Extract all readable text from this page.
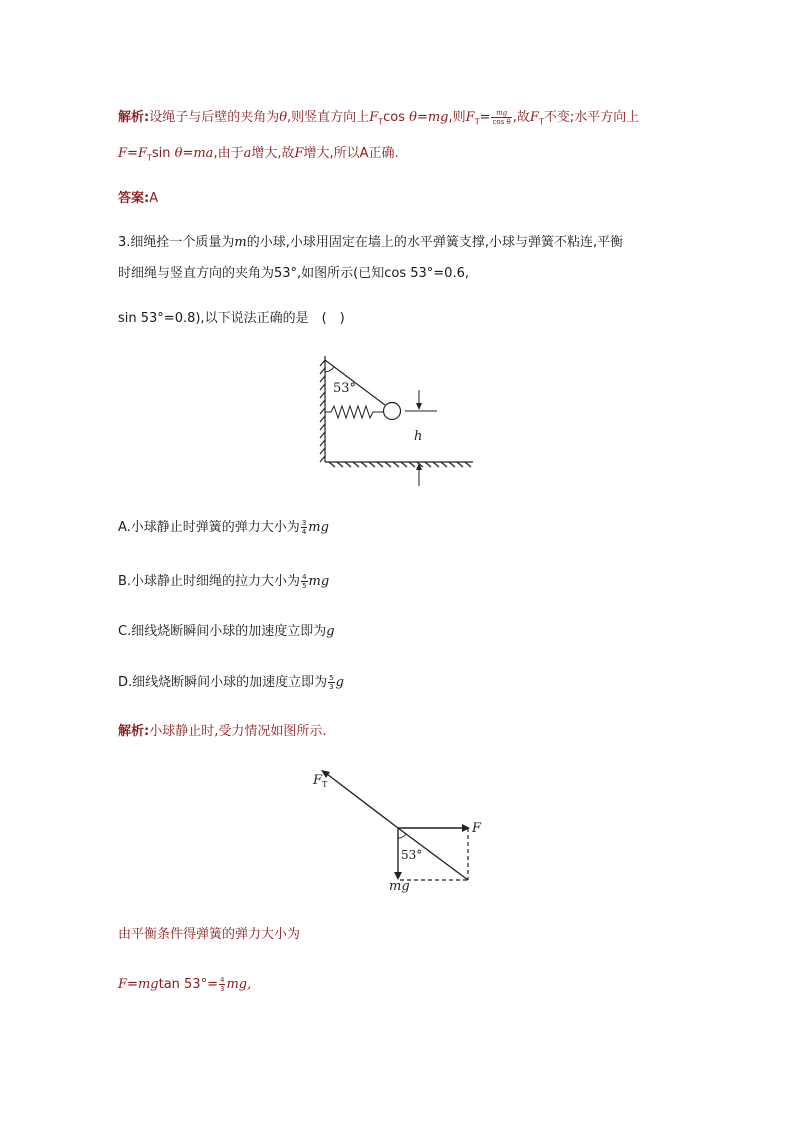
解析:设绳子与后壁的夹角为θ,则竖直方向上$F_T\cos$ θ=mg,则$F_T= \frac{mg}{\text{cos θ}}$ ,故$F_T$不变;水平方向上
$F=F_T\sin$ θ=ma,由于a增大,故F增大,所以A正确.
答案:A
3.细绳拴一个质量为m的小球,小球用固定在墙上的水平弹簧支撑,小球与弹簧不粘连,平衡
时细绳与竖直方向的夹角为53°,如图所示(已知cos 53°=0.6,
sin 53°=0.8),以下说法正确的是　(　)
53°
h
A.小球静止时弹簧的弹力大小为 $\frac{3}{4}$ mg
B.小球静止时细绳的拉力大小为 $\frac{4}{5}$ mg
C.细线烧断瞬间小球的加速度立即为g
D.细线烧断瞬间小球的加速度立即为 $\frac{5}{3}$ g
解析:小球静止时,受力情况如图所示.
F T
F
mg
53°
由平衡条件得弹簧的弹力大小为
F=mgtan $53^\circ= \frac{4}{3}$ mg,
